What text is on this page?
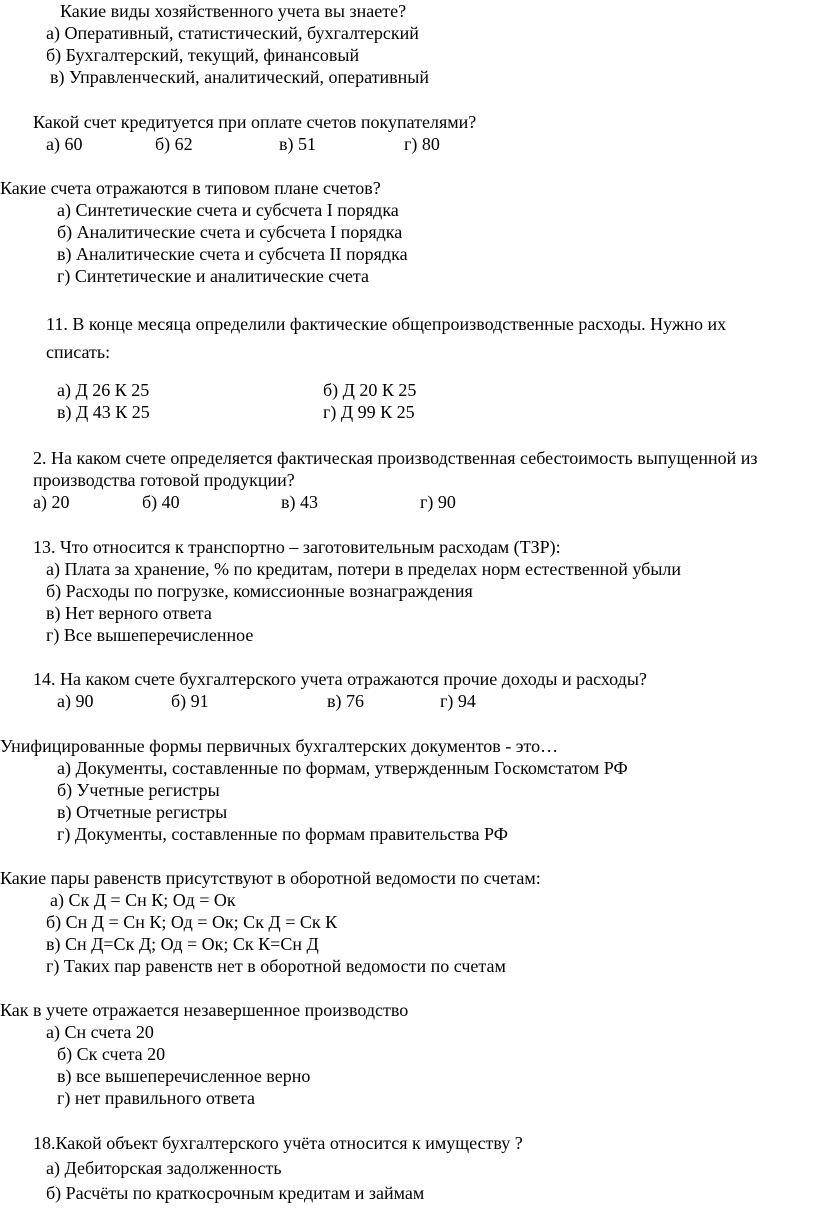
Какие виды хозяйственного учета вы знаете?
а) Оперативный, статистический, бухгалтерский
б) Бухгалтерский, текущий, финансовый
в) Управленческий, аналитический, оперативный
Какой счет кредитуется при оплате счетов покупателями?
а) 60	б) 62	в) 51	г) 80
Какие счета отражаются в типовом плане счетов?
а) Синтетические счета и субсчета I порядка
б) Аналитические счета и субсчета I порядка
в) Аналитические счета и субсчета II порядка
г) Синтетические и аналитические счета
11. В конце месяца определили фактические общепроизводственные расходы. Нужно их
списать:
а) Д 26 К 25	б) Д 20 К 25
в) Д 43 К 25	г) Д 99 К 25
2. На каком счете определяется фактическая производственная себестоимость выпущенной из
производства готовой продукции?
а) 20	б) 40	в) 43	г) 90
13. Что относится к транспортно – заготовительным расходам (ТЗР):
а) Плата за хранение, % по кредитам, потери в пределах норм естественной убыли
б) Расходы по погрузке, комиссионные вознаграждения
в) Нет верного ответа
г) Все вышеперечисленное
14. На каком счете бухгалтерского учета отражаются прочие доходы и расходы?
а) 90	б) 91	в) 76	г) 94
Унифицированные формы первичных бухгалтерских документов - это…
а) Документы, составленные по формам, утвержденным Госкомстатом РФ
б) Учетные регистры
в) Отчетные регистры
г) Документы, составленные по формам правительства РФ
Какие пары равенств присутствуют в оборотной ведомости по счетам:
а) Ск Д = Сн К; Од = Ок
б) Сн Д = Сн К; Од = Ок; Ск Д = Ск К
в) Сн Д=Ск Д; Од = Ок; Ск К=Сн Д
г) Таких пар равенств нет в оборотной ведомости по счетам
Как в учете отражается незавершенное производство
а) Сн счета 20
б) Ск счета 20
в) все вышеперечисленное верно
г) нет правильного ответа
18.Какой объект бухгалтерского учёта относится к имуществу ?
а) Дебиторская задолженность
б) Расчёты по краткосрочным кредитам и займам
